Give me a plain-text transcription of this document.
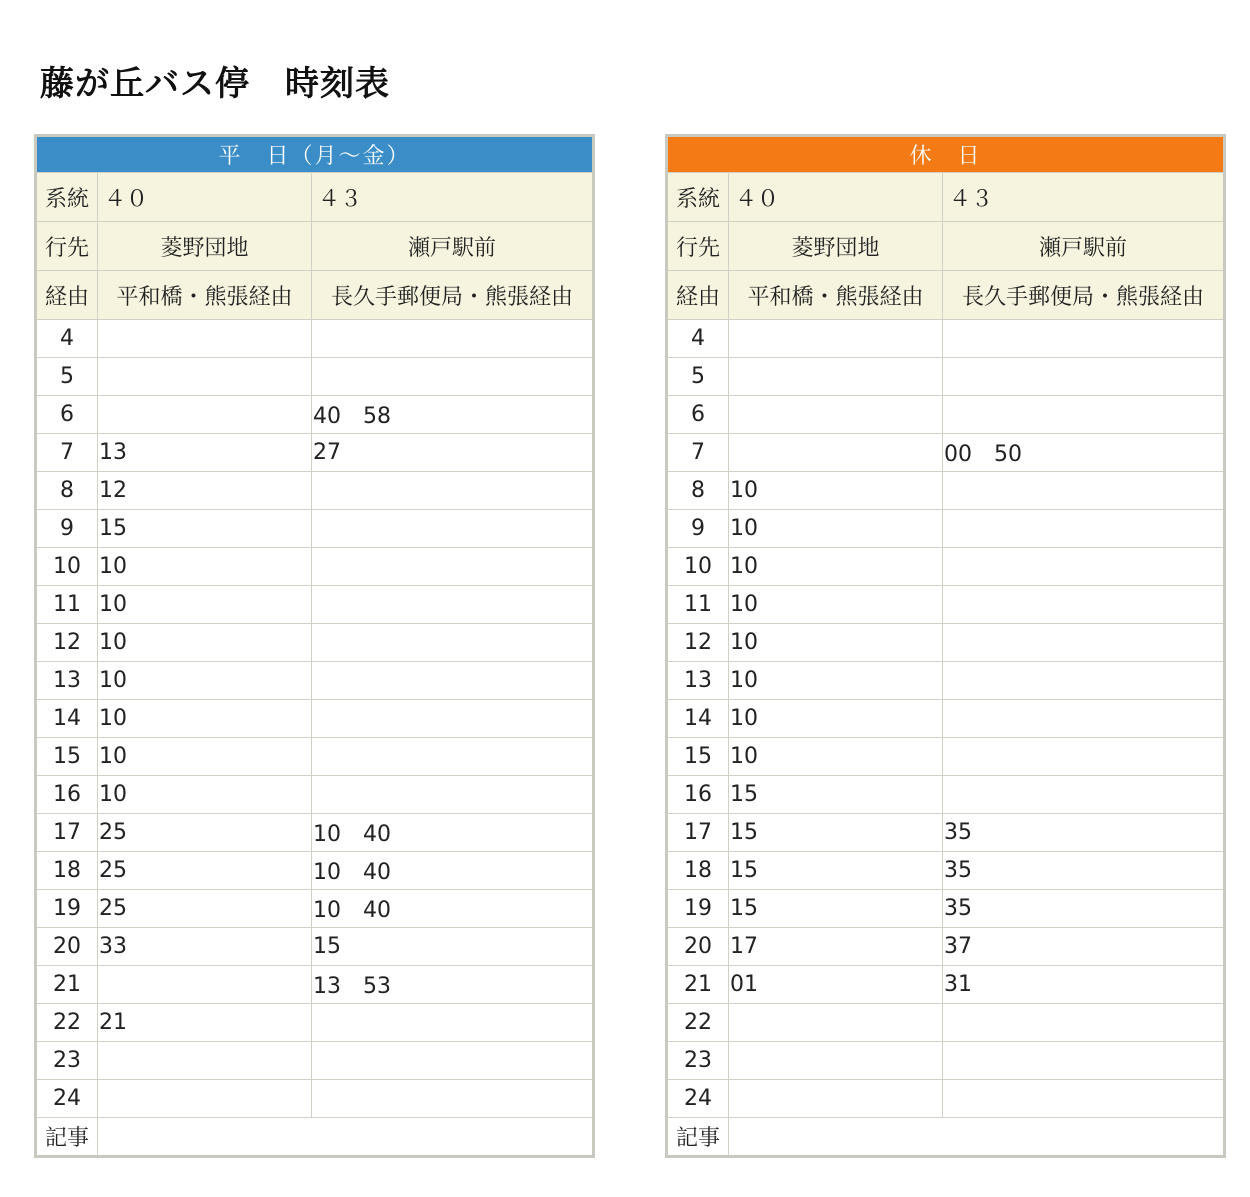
藤が丘バス停　時刻表
平　日（月～金）		
系統	４０	４３
行先	菱野団地	瀬戸駅前
経由	平和橋・熊張経由	長久手郵便局・熊張経由
4		
5		
6		40　58
7	13	27
8	12	
9	15	
10	10	
11	10	
12	10	
13	10	
14	10	
15	10	
16	10	
17	25	10　40
18	25	10　40
19	25	10　40
20	33	15
21		13　53
22	21	
23		
24		
記事		
休　日		
系統	４０	４３
行先	菱野団地	瀬戸駅前
経由	平和橋・熊張経由	長久手郵便局・熊張経由
4		
5		
6		
7		00　50
8	10	
9	10	
10	10	
11	10	
12	10	
13	10	
14	10	
15	10	
16	15	
17	15	35
18	15	35
19	15	35
20	17	37
21	01	31
22		
23		
24		
記事		
